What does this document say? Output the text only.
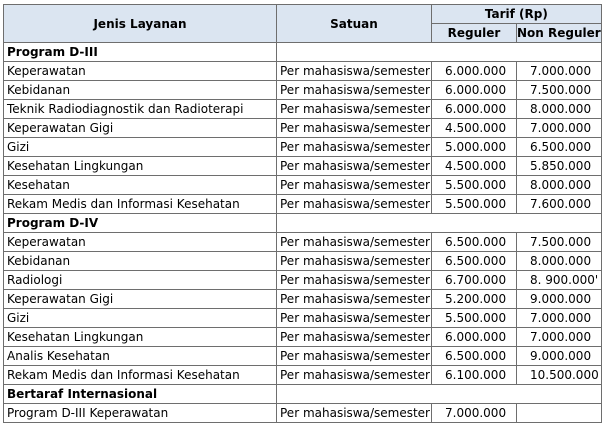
Jenis Layanan	Satuan	Tarif (Rp)	
		Reguler	Non Reguler
Program D-III			
Keperawatan	Per mahasiswa/semester	6.000.000	7.000.000
Kebidanan	Per mahasiswa/semester	6.000.000	7.500.000
Teknik Radiodiagnostik dan Radioterapi	Per mahasiswa/semester	6.000.000	8.000.000
Keperawatan Gigi	Per mahasiswa/semester	4.500.000	7.000.000
Gizi	Per mahasiswa/semester	5.000.000	6.500.000
Kesehatan Lingkungan	Per mahasiswa/semester	4.500.000	5.850.000
Kesehatan	Per mahasiswa/semester	5.500.000	8.000.000
Rekam Medis dan Informasi Kesehatan	Per mahasiswa/semester	5.500.000	7.600.000
Program D-IV			
Keperawatan	Per mahasiswa/semester	6.500.000	7.500.000
Kebidanan	Per mahasiswa/semester	6.500.000	8.000.000
Radiologi	Per mahasiswa/semester	6.700.000	8. 900.000'
Keperawatan Gigi	Per mahasiswa/semester	5.200.000	9.000.000
Gizi	Per mahasiswa/semester	5.500.000	7.000.000
Kesehatan Lingkungan	Per mahasiswa/semester	6.000.000	7.000.000
Analis Kesehatan	Per mahasiswa/semester	6.500.000	9.000.000
Rekam Medis dan Informasi Kesehatan	Per mahasiswa/semester	6.100.000	10.500.000
Bertaraf Internasional			
Program D-III Keperawatan	Per mahasiswa/semester	7.000.000	
